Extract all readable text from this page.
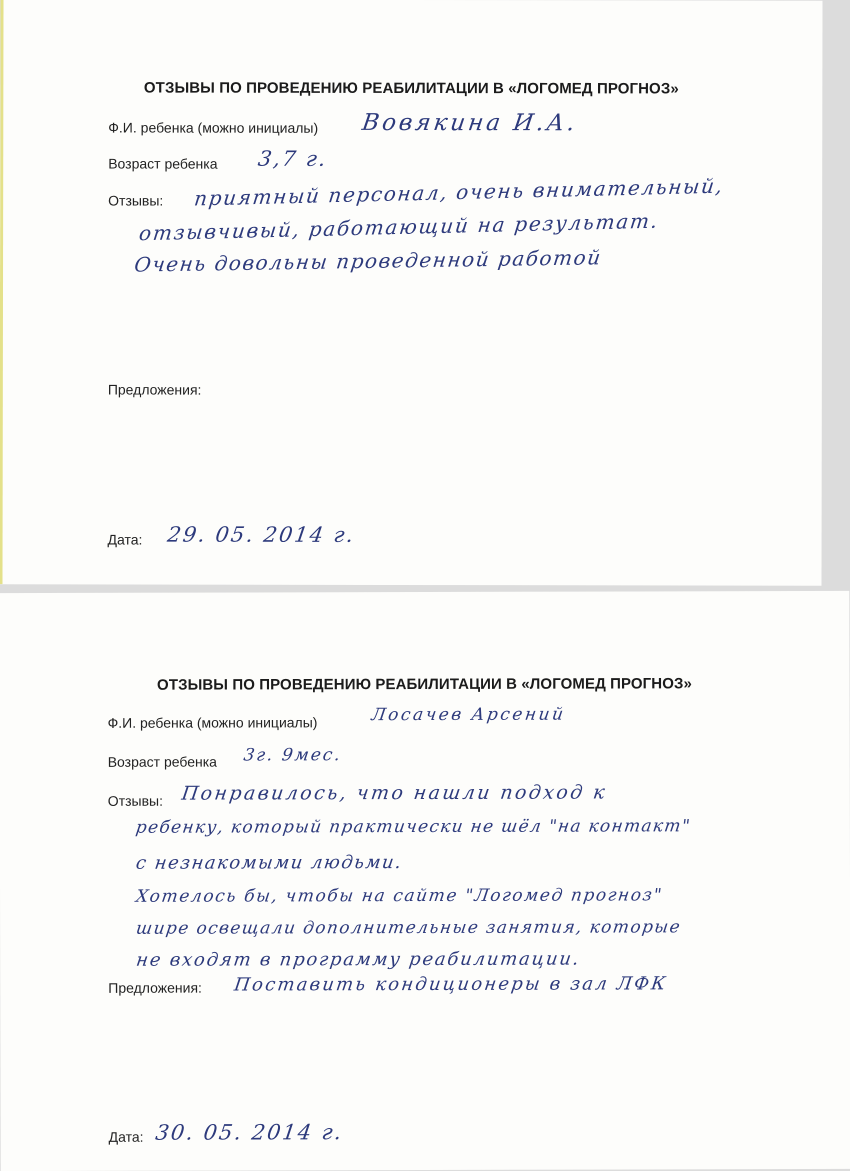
ОТЗЫВЫ ПО ПРОВЕДЕНИЮ РЕАБИЛИТАЦИИ В «ЛОГОМЕД ПРОГНОЗ»
Ф.И. ребенка (можно инициалы) Вовякина И.А.
Возраст ребенка 3,7 г.
Отзывы: приятный персонал, очень внимательный,
отзывчивый, работающий на результат.
Очень довольны проведенной работой
Предложения:
Дата: 29. 05. 2014 г.
ОТЗЫВЫ ПО ПРОВЕДЕНИЮ РЕАБИЛИТАЦИИ В «ЛОГОМЕД ПРОГНОЗ»
Ф.И. ребенка (можно инициалы)	Лосачев Арсений
Возраст ребенка 3г. 9мес.
Отзывы: Понравилось, что нашли подход к
ребенку, который практически не шёл "на контакт"
с незнакомыми людьми.
Хотелось бы, чтобы на сайте "Логомед прогноз"
шире освещали дополнительные занятия, которые
не входят в программу реабилитации.
Предложения: Поставить кондиционеры в зал ЛФК
Дата: 30. 05. 2014 г.
